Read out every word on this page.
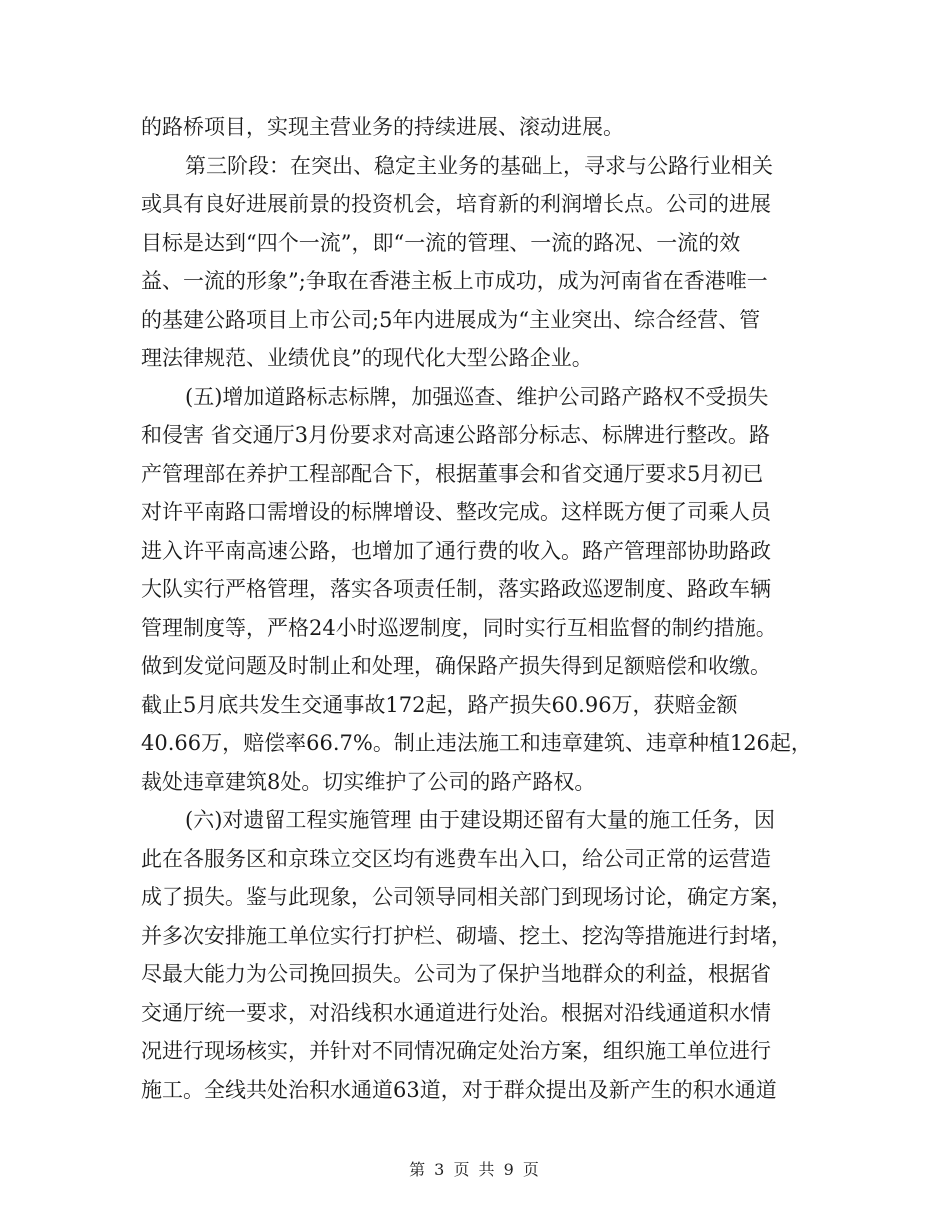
的路桥项目，实现主营业务的持续进展、滚动进展。
第三阶段：在突出、稳定主业务的基础上，寻求与公路行业相关
或具有良好进展前景的投资机会，培育新的利润增长点。公司的进展
目标是达到“四个一流”，即“一流的管理、一流的路况、一流的效
益、一流的形象”;争取在香港主板上市成功，成为河南省在香港唯一
的基建公路项目上市公司;5年内进展成为“主业突出、综合经营、管
理法律规范、业绩优良”的现代化大型公路企业。
(五)增加道路标志标牌，加强巡查、维护公司路产路权不受损失
和侵害 省交通厅3月份要求对高速公路部分标志、标牌进行整改。路
产管理部在养护工程部配合下，根据董事会和省交通厅要求5月初已
对许平南路口需增设的标牌增设、整改完成。这样既方便了司乘人员
进入许平南高速公路，也增加了通行费的收入。路产管理部协助路政
大队实行严格管理，落实各项责任制，落实路政巡逻制度、路政车辆
管理制度等，严格24小时巡逻制度，同时实行互相监督的制约措施。
做到发觉问题及时制止和处理，确保路产损失得到足额赔偿和收缴。
截止5月底共发生交通事故172起，路产损失60.96万，获赔金额
40.66万，赔偿率66.7%。制止违法施工和违章建筑、违章种植126起，
裁处违章建筑8处。切实维护了公司的路产路权。
(六)对遗留工程实施管理 由于建设期还留有大量的施工任务，因
此在各服务区和京珠立交区均有逃费车出入口，给公司正常的运营造
成了损失。鉴与此现象，公司领导同相关部门到现场讨论，确定方案，
并多次安排施工单位实行打护栏、砌墙、挖土、挖沟等措施进行封堵，
尽最大能力为公司挽回损失。公司为了保护当地群众的利益，根据省
交通厅统一要求，对沿线积水通道进行处治。根据对沿线通道积水情
况进行现场核实，并针对不同情况确定处治方案，组织施工单位进行
施工。全线共处治积水通道63道，对于群众提出及新产生的积水通道
第 3 页 共 9 页
